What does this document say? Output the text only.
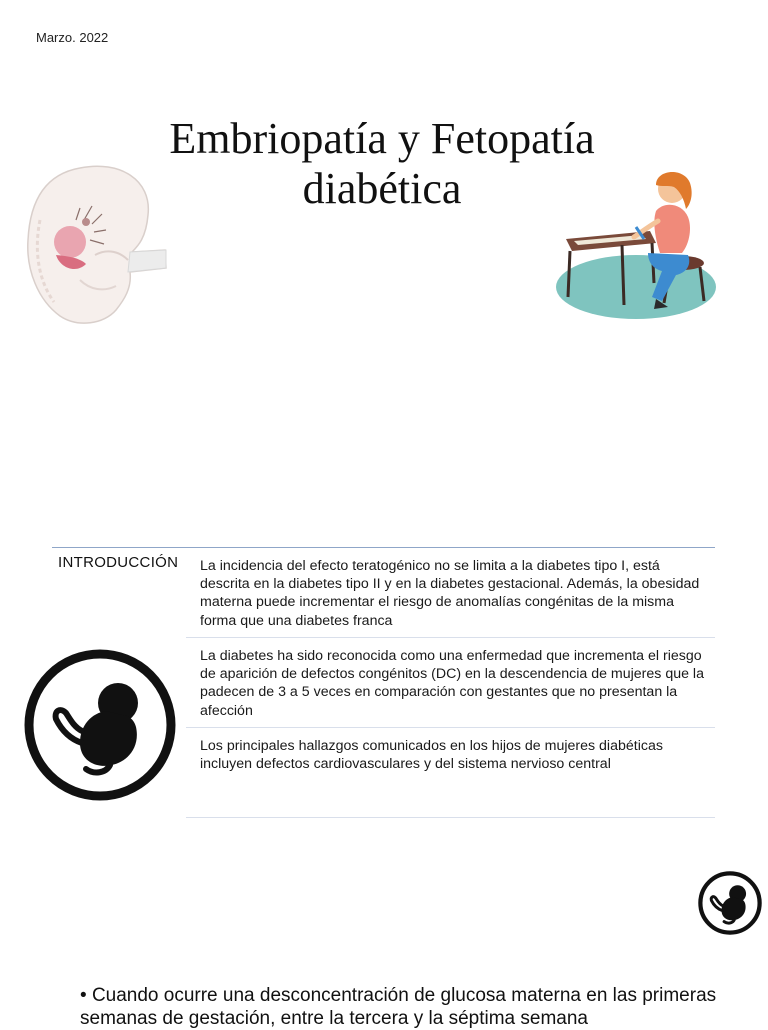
Marzo. 2022
Embriopatía y Fetopatía
diabética
INTRODUCCIÓN La incidencia del efecto teratogénico no se limita a la diabetes tipo I, está descrita en la diabetes tipo II y en la diabetes gestacional. Además, la obesidad materna puede incrementar el riesgo de anomalías congénitas de la misma forma que una diabetes franca
La diabetes ha sido reconocida como una enfermedad que incrementa el riesgo de aparición de defectos congénitos (DC) en la descendencia de mujeres que la padecen de 3 a 5 veces en comparación con gestantes que no presentan la afección
Los principales hallazgos comunicados en los hijos de mujeres diabéticas incluyen defectos cardiovasculares y del sistema nervioso central
• Cuando ocurre una desconcentración de glucosa materna en las primeras semanas de gestación, entre la tercera y la séptima semana
